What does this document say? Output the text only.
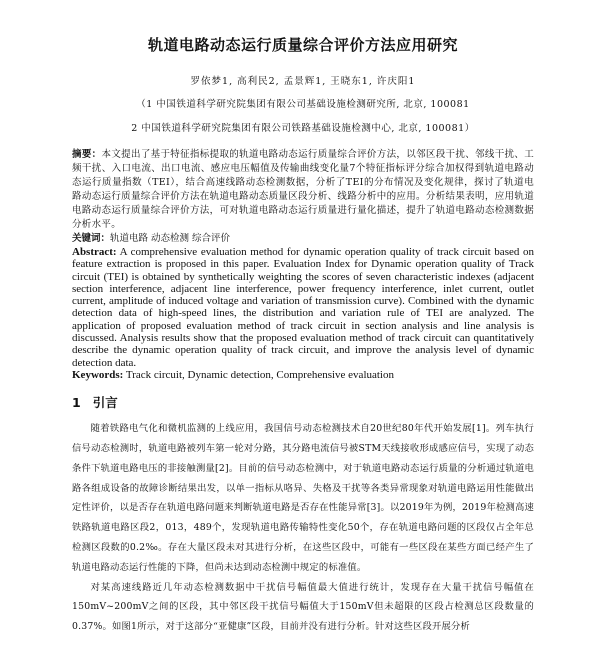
轨道电路动态运行质量综合评价方法应用研究
罗依梦1, 高利民2, 孟景辉1, 王晓东1, 许庆阳1
（1 中国铁道科学研究院集团有限公司基础设施检测研究所, 北京, 100081
2 中国铁道科学研究院集团有限公司铁路基础设施检测中心, 北京, 100081）
摘要：本文提出了基于特征指标提取的轨道电路动态运行质量综合评价方法，以邻区段干扰、邻线干扰、工频干扰、入口电流、出口电流、感应电压幅值及传输曲线变化量7个特征指标评分综合加权得到轨道电路动态运行质量指数（TEI），结合高速线路动态检测数据，分析了TEI的分布情况及变化规律，探讨了轨道电路动态运行质量综合评价方法在轨道电路动态质量区段分析、线路分析中的应用。分析结果表明，应用轨道电路动态运行质量综合评价方法，可对轨道电路动态运行质量进行量化描述，提升了轨道电路动态检测数据分析水平。
关键词：轨道电路 动态检测 综合评价
Abstract: A comprehensive evaluation method for dynamic operation quality of track circuit based on feature extraction is proposed in this paper. Evaluation Index for Dynamic operation quality of Track circuit (TEI) is obtained by synthetically weighting the scores of seven characteristic indexes (adjacent section interference, adjacent line interference, power frequency interference, inlet current, outlet current, amplitude of induced voltage and variation of transmission curve). Combined with the dynamic detection data of high-speed lines, the distribution and variation rule of TEI are analyzed. The application of proposed evaluation method of track circuit in section analysis and line analysis is discussed. Analysis results show that the proposed evaluation method of track circuit can quantitatively describe the dynamic operation quality of track circuit, and improve the analysis level of dynamic detection data.
Keywords: Track circuit, Dynamic detection, Comprehensive evaluation
1 引言
随着铁路电气化和微机监测的上线应用，我国信号动态检测技术自20世纪80年代开始发展[1]。列车执行信号动态检测时，轨道电路被列车第一轮对分路，其分路电流信号被STM天线接收形成感应信号，实现了动态条件下轨道电路电压的非接触测量[2]。目前的信号动态检测中，对于轨道电路动态运行质量的分析通过轨道电路各组成设备的故障诊断结果出发，以单一指标从咯异、失格及干扰等各类异常现象对轨道电路运用性能做出定性评价，以是否存在轨道电路问题来判断轨道电路是否存在性能异常[3]。以2019年为例，2019年检测高速铁路轨道电路区段2，013，489个，发现轨道电路传输特性变化50个，存在轨道电路问题的区段仅占全年总检测区段数的0.2‰。存在大量区段未对其进行分析，在这些区段中，可能有一些区段在某些方面已经产生了轨道电路动态运行性能的下降，但尚未达到动态检测中规定的标准值。
对某高速线路近几年动态检测数据中干扰信号幅值最大值进行统计，发现存在大量干扰信号幅值在150mV~200mV之间的区段，其中邻区段干扰信号幅值大于150mV但未超限的区段占检测总区段数量的0.37%。如图1所示，对于这部分“亚健康”区段，目前并没有进行分析。针对这些区段开展分析
